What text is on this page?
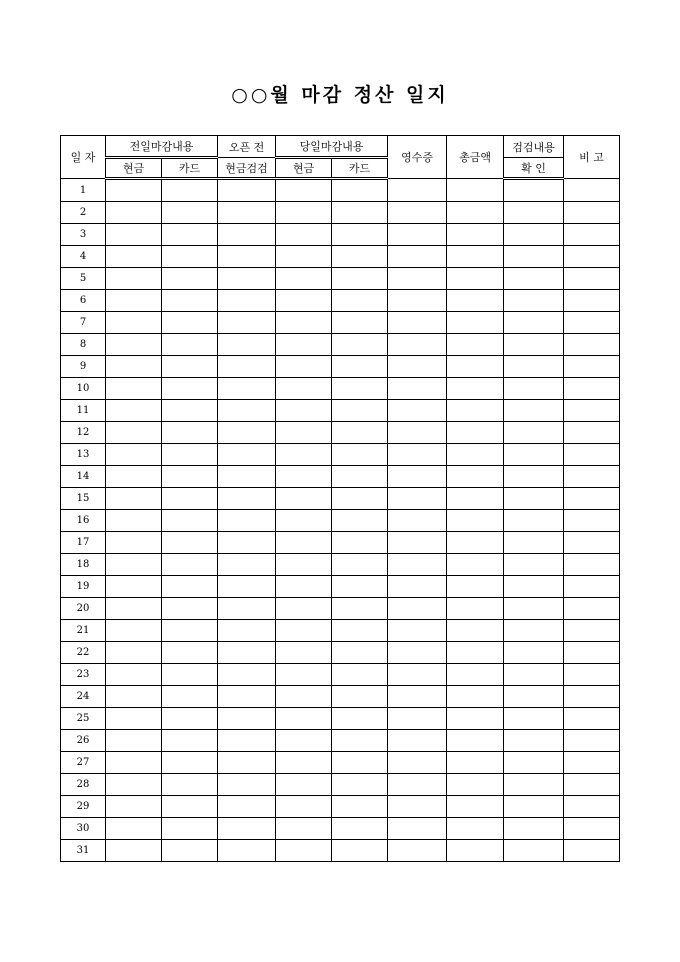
○○월 마감 정산 일지
일 자	전일마감내용		오픈 전	당일마감내용		영수증	총금액	검검내용	비 고
	현금	카드	현금검검	현금	카드			확 인	
1									
2									
3									
4									
5									
6									
7									
8									
9									
10									
11									
12									
13									
14									
15									
16									
17									
18									
19									
20									
21									
22									
23									
24									
25									
26									
27									
28									
29									
30									
31									
